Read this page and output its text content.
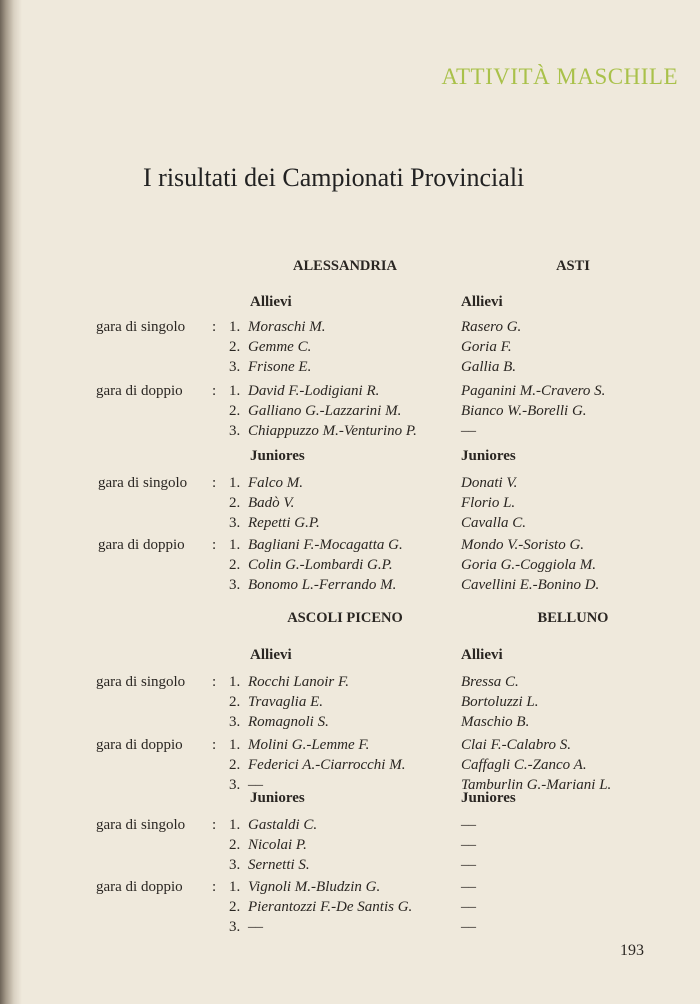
ATTIVITÀ MASCHILE
I risultati dei Campionati Provinciali
ALESSANDRIA	ASTI
Allievi	Allievi
gara di singolo : 1. Moraschi M.	Rasero G.
2. Gemme C.	Goria F.
3. Frisone E.	Gallia B.
gara di doppio : 1. David F.-Lodigiani R.	Paganini M.-Cravero S.
2. Galliano G.-Lazzarini M.	Bianco W.-Borelli G.
3. Chiappuzzo M.-Venturino P.	––
Juniores	Juniores
gara di singolo : 1. Falco M.	Donati V.
2. Badò V.	Florio L.
3. Repetti G.P.	Cavalla C.
gara di doppio : 1. Bagliani F.-Mocagatta G.	Mondo V.-Soristo G.
2. Colin G.-Lombardi G.P.	Goria G.-Coggiola M.
3. Bonomo L.-Ferrando M.	Cavellini E.-Bonino D.
ASCOLI PICENO	BELLUNO
Allievi	Allievi
gara di singolo : 1. Rocchi Lanoir F.	Bressa C.
2. Travaglia E.	Bortoluzzi L.
3. Romagnoli S.	Maschio B.
gara di doppio : 1. Molini G.-Lemme F.	Clai F.-Calabro S.
2. Federici A.-Ciarrocchi M.	Caffagli C.-Zanco A.
3. ––	Tamburlin G.-Mariani L.
Juniores	Juniores
gara di singolo : 1. Gastaldi C.	––
2. Nicolai P.	––
3. Sernetti S.	––
gara di doppio : 1. Vignoli M.-Bludzin G.	––
2. Pierantozzi F.-De Santis G.	––
3. ––	––
193
